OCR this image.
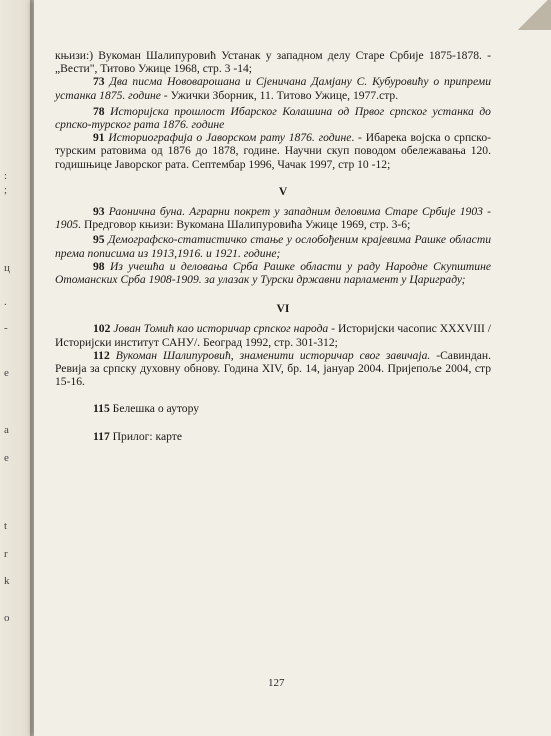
:
;
ц
.
-
e
a
e
t
r
k
o

књизи:) Вукоман Шалипуровић Устанак у западном делу Старе Србије 1875-1878. - „Вести", Титово Ужице 1968, стр. 3 -14;

73 Два писма Нововарошана и Сјеничана Дамјану С. Кубуровићу о припреми устанка 1875. године - Ужички Зборник, 11. Титово Ужице, 1977.стр.

78 Историјска прошлост Ибарског Колашина од Првог српског устанка до српско-турског рата 1876. године

91 Историографија о Јаворском рату 1876. године. - Ибарека војска о српско-турским ратовима од 1876 до 1878, године. Научни скуп поводом обележавања 120. годишњице Јаворског рата. Септембар 1996, Чачак 1997, стр 10 -12;

V

93 Раонична буна. Аграрни покрет у западним деловима Старе Србије 1903 - 1905. Предговор књизи: Вукомана Шалипуровића Ужице 1969, стр. 3-6;

95 Демографско-статистичко стање у ослобођеним крајевима Рашке области према пописима из 1913,1916. и 1921. године;

98 Из учешћа и деловања Срба Рашке области у раду Народне Скупштине Отоманских Срба 1908-1909. за улазак у Турски државни парламент у Цариграду;

VI

102 Јован Томић као историчар српског народа - Историјски часопис XXXVIII /Историјски институт САНУ/. Београд 1992, стр. 301-312;

112 Вукоман Шалипуровић, знаменити историчар свог завичаја. -Савиндан. Ревија за српску духовну обнову. Година XIV, бр. 14, јануар 2004. Пријепоље 2004, стр 15-16.

115 Белешка о аутору

117 Прилог: карте

127
